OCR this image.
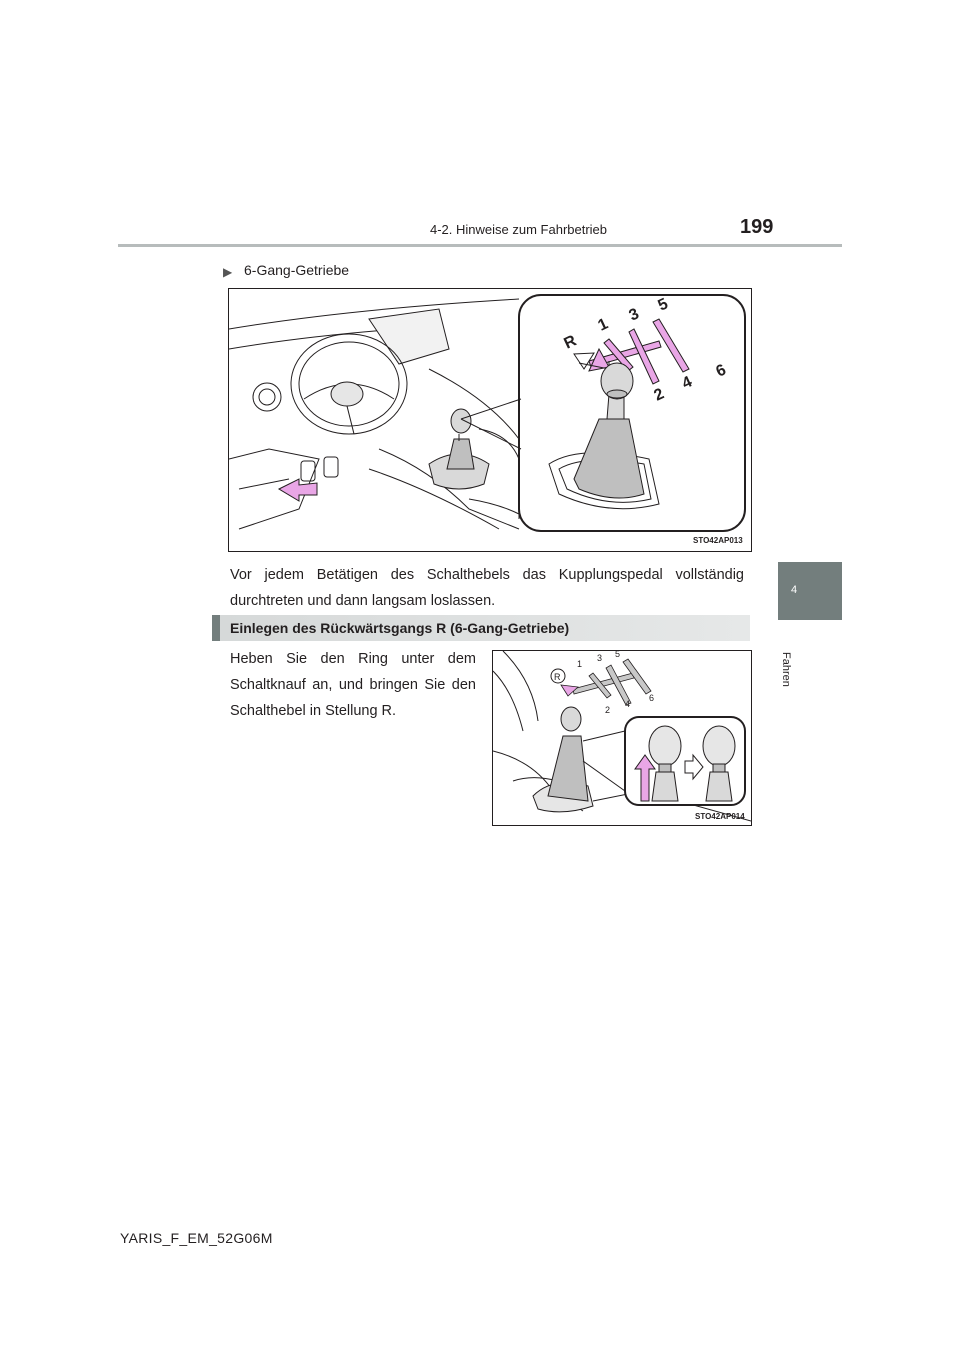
4-2. Hinweise zum Fahrbetrieb	199
4
Fahren
▶ 6-Gang-Getriebe
R
1
3
5
2
4
6
STO42AP013
Vor jedem Betätigen des Schalthebels das Kupplungspedal vollständig durchtreten und dann langsam loslassen.
Einlegen des Rückwärtsgangs R (6-Gang-Getriebe)
Heben Sie den Ring unter dem Schaltknauf an, und bringen Sie den Schalthebel in Stellung R.
R
1
3 5
2
4
6
STO42AP014
YARIS_F_EM_52G06M
